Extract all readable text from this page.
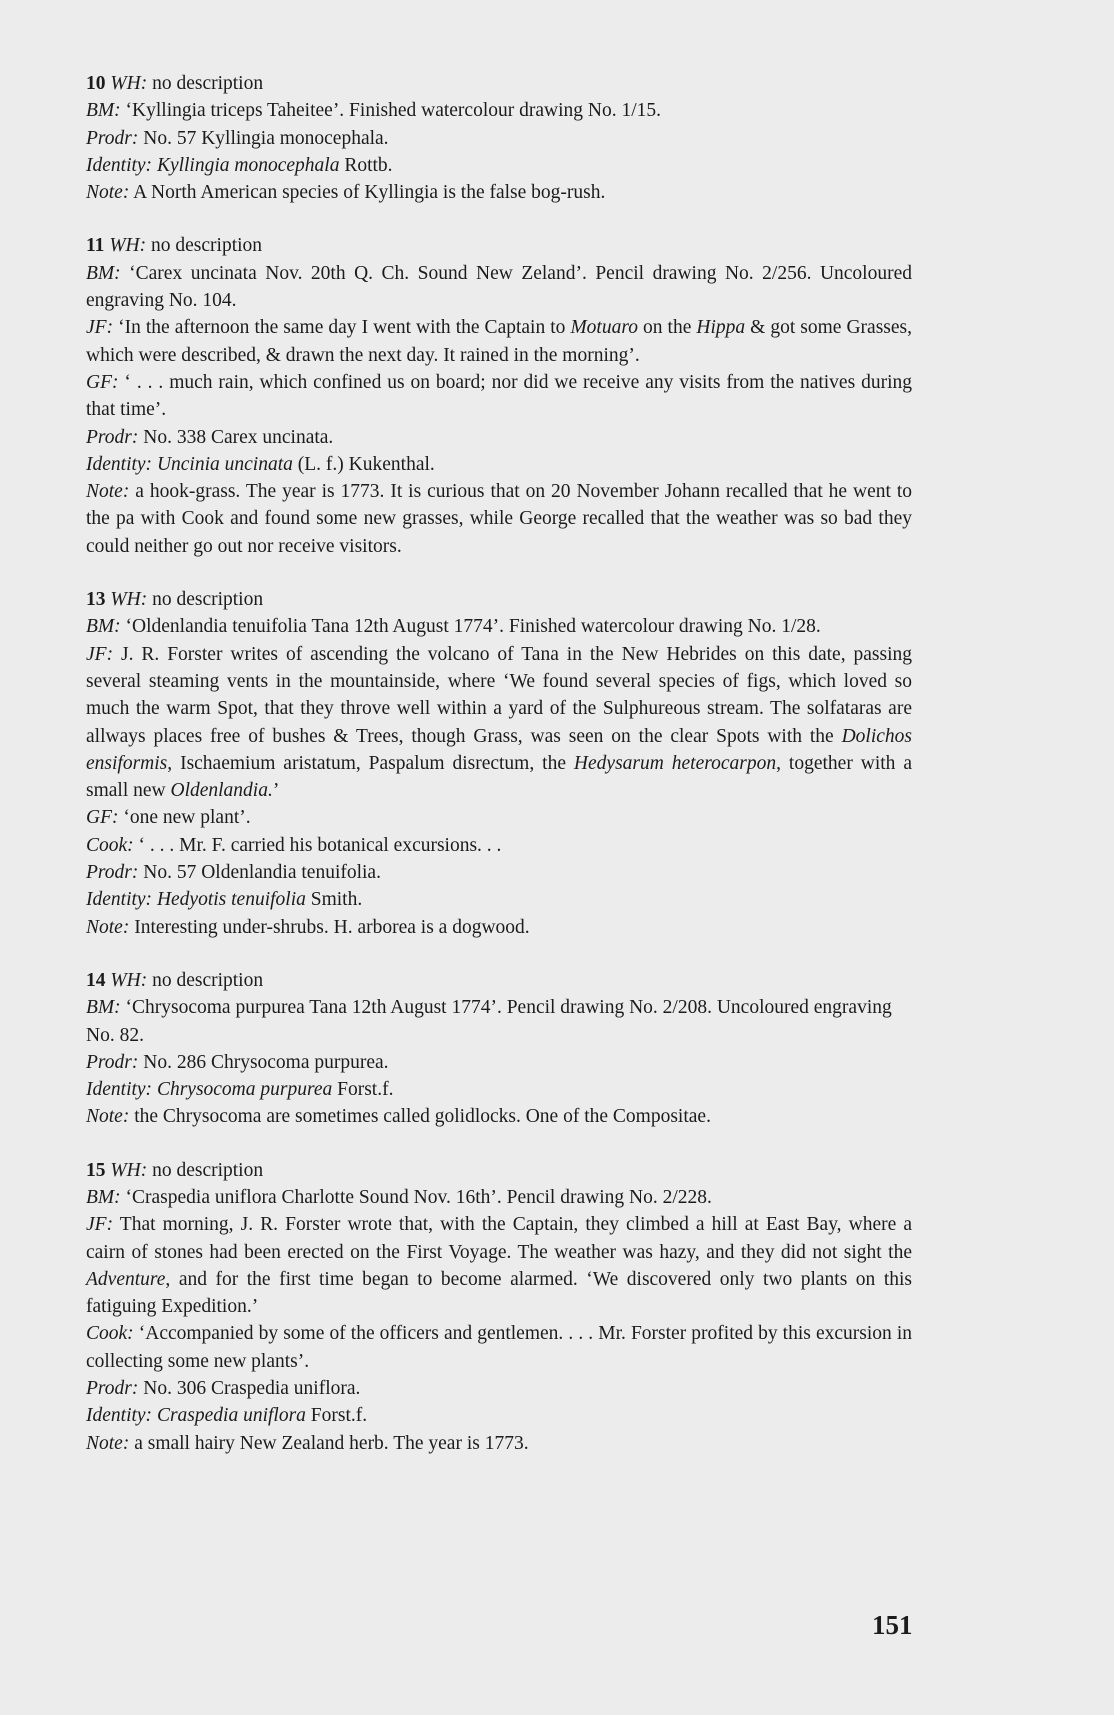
10 WH: no description

BM: ‘Kyllingia triceps Taheitee’. Finished watercolour drawing No. 1/15.

Prodr: No. 57 Kyllingia monocephala.

Identity: Kyllingia monocephala Rottb.

Note: A North American species of Kyllingia is the false bog-rush.

11 WH: no description

BM: ‘Carex uncinata Nov. 20th Q. Ch. Sound New Zeland’. Pencil drawing No. 2/256. Uncoloured engraving No. 104.

JF: ‘In the afternoon the same day I went with the Captain to Motuaro on the Hippa & got some Grasses, which were described, & drawn the next day. It rained in the morning’.

GF: ‘ . . . much rain, which confined us on board; nor did we receive any visits from the natives during that time’.

Prodr: No. 338 Carex uncinata.

Identity: Uncinia uncinata (L. f.) Kukenthal.

Note: a hook-grass. The year is 1773. It is curious that on 20 November Johann recalled that he went to the pa with Cook and found some new grasses, while George recalled that the weather was so bad they could neither go out nor receive visitors.

13 WH: no description

BM: ‘Oldenlandia tenuifolia Tana 12th August 1774’. Finished watercolour drawing No. 1/28.

JF: J. R. Forster writes of ascending the volcano of Tana in the New Hebrides on this date, passing several steaming vents in the mountainside, where ‘We found several species of figs, which loved so much the warm Spot, that they throve well within a yard of the Sulphureous stream. The solfataras are allways places free of bushes & Trees, though Grass, was seen on the clear Spots with the Dolichos ensiformis, Ischaemium aristatum, Paspalum disrectum, the Hedysarum heterocarpon, together with a small new Oldenlandia.’

GF: ‘one new plant’.

Cook: ‘ . . . Mr. F. carried his botanical excursions. . .

Prodr: No. 57 Oldenlandia tenuifolia.

Identity: Hedyotis tenuifolia Smith.

Note: Interesting under-shrubs. H. arborea is a dogwood.

14 WH: no description

BM: ‘Chrysocoma purpurea Tana 12th August 1774’. Pencil drawing No. 2/208. Uncoloured engraving No. 82.

Prodr: No. 286 Chrysocoma purpurea.

Identity: Chrysocoma purpurea Forst.f.

Note: the Chrysocoma are sometimes called golidlocks. One of the Compositae.

15 WH: no description

BM: ‘Craspedia uniflora Charlotte Sound Nov. 16th’. Pencil drawing No. 2/228.

JF: That morning, J. R. Forster wrote that, with the Captain, they climbed a hill at East Bay, where a cairn of stones had been erected on the First Voyage. The weather was hazy, and they did not sight the Adventure, and for the first time began to become alarmed. ‘We discovered only two plants on this fatiguing Expedition.’

Cook: ‘Accompanied by some of the officers and gentlemen. . . . Mr. Forster profited by this excursion in collecting some new plants’.

Prodr: No. 306 Craspedia uniflora.

Identity: Craspedia uniflora Forst.f.

Note: a small hairy New Zealand herb. The year is 1773.

151
